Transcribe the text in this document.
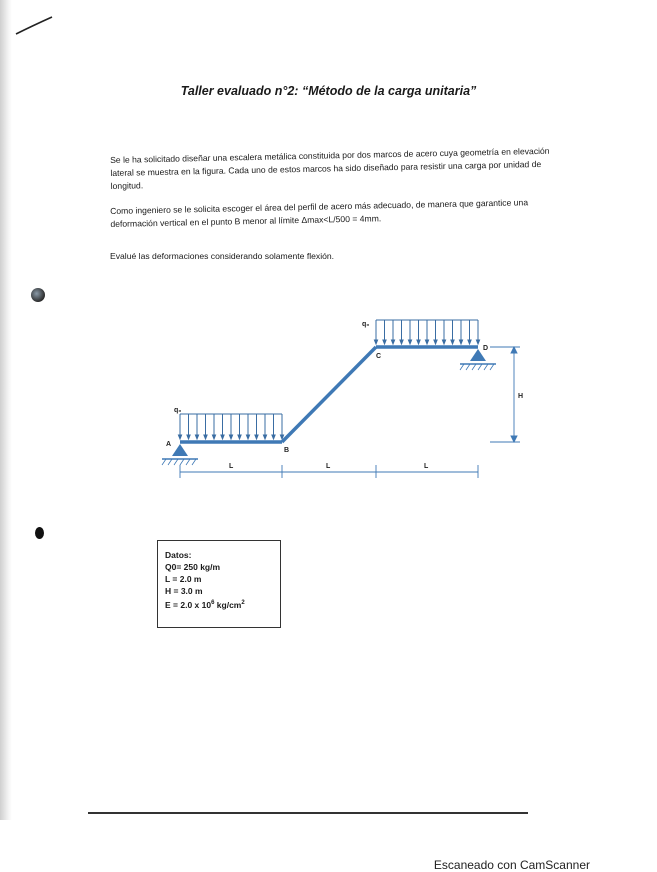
Taller evaluado n°2: “Método de la carga unitaria”
Se le ha solicitado diseñar una escalera metálica constituida por dos marcos de acero cuya geometría en elevación lateral se muestra en la figura. Cada uno de estos marcos ha sido diseñado para resistir una carga por unidad de longitud.
Como ingeniero se le solicita escoger el área del perfil de acero más adecuado, de manera que garantice una deformación vertical en el punto B menor al límite Δmax<L/500 = 4mm.
Evalué las deformaciones considerando solamente flexión.
q₀
q₀
A
B
C
D
L	L	L
H
Datos:
Q0= 250 kg/m
L = 2.0 m
H = 3.0 m
E = 2.0 x $10^6$ $kg/cm^2$
Escaneado con CamScanner
